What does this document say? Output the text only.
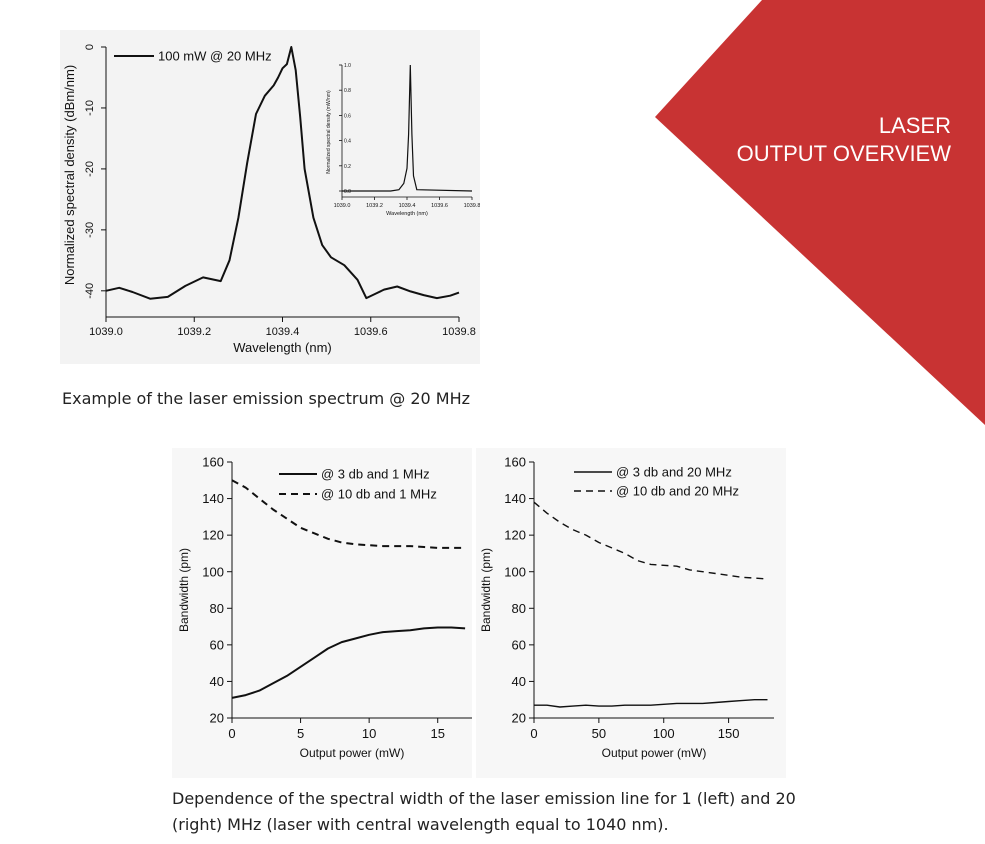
LASER
OUTPUT OVERVIEW
1039.0	1039.2	1039.4	1039.6	1039.8
0
-10
-20
-30
-40
Wavelength (nm)
Normalized spectral density (dBm/nm)
100 mW @ 20 MHz
1039.0	1039.2	1039.4	1039.6	1039.8
0.0
0.2
0.4
0.6
0.8
1.0
Wavelength (nm)
Normalized spectral density (mW/nm)
Example of the laser emission spectrum @ 20 MHz
0	5	10	15
20
40
60
80
100
120
140
160
Output power (mW)
Bandwidth (pm)
@ 3 db and 1 MHz
@ 10 db and 1 MHz
0	50	100	150
20
40
60
80
100
120
140
160
Output power (mW)
Bandwidth (pm)
@ 3 db and 20 MHz
@ 10 db and 20 MHz
Dependence of the spectral width of the laser emission line for 1 (left) and 20 (right) MHz (laser with central wavelength equal to 1040 nm).
